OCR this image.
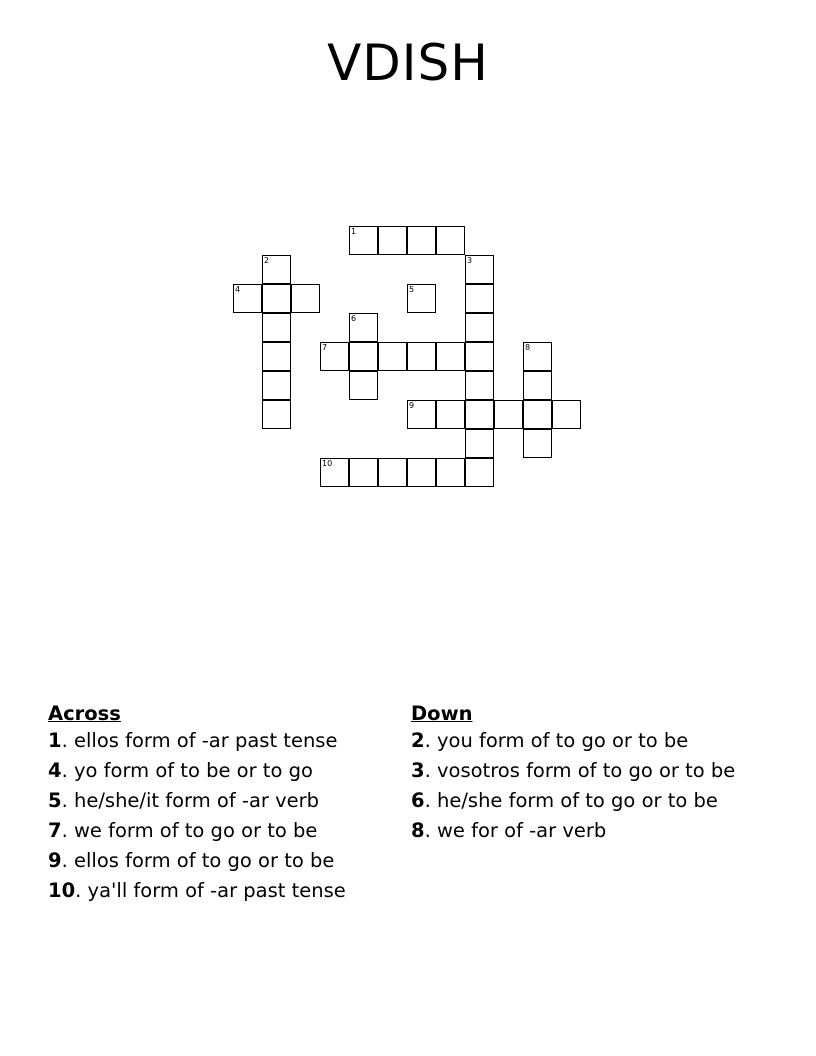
VDISH
1
2	3
4	5
6
7	8
9
10
Across
1. ellos form of -ar past tense
4. yo form of to be or to go
5. he/she/it form of -ar verb
7. we form of to go or to be
9. ellos form of to go or to be
10. ya'll form of -ar past tense
Down
2. you form of to go or to be
3. vosotros form of to go or to be
6. he/she form of to go or to be
8. we for of -ar verb
